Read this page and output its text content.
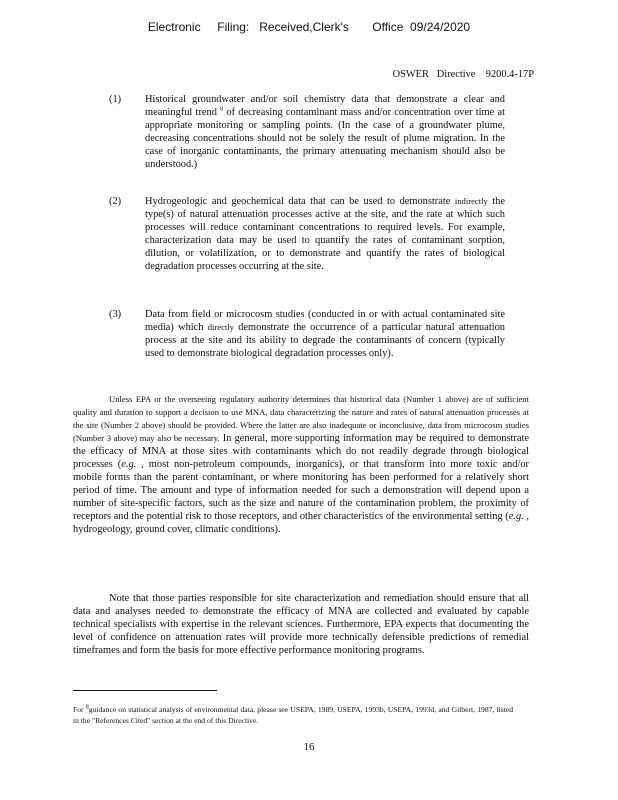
Electronic     Filing:   Received,Clerk's       Office  09/24/2020
OSWER   Directive    9200.4-17P
(1) Historical groundwater and/or soil chemistry data that demonstrate a clear and meaningful trend $^8$ of decreasing contaminant mass and/or concentration over time at appropriate monitoring or sampling points. (In the case of a groundwater plume, decreasing concentrations should not be solely the result of plume migration. In the case of inorganic contaminants, the primary attenuating mechanism should also be understood.)
(2) Hydrogeologic and geochemical data that can be used to demonstrate indirectly the type(s) of natural attenuation processes active at the site, and the rate at which such processes will reduce contaminant concentrations to required levels. For example, characterization data may be used to quantify the rates of contaminant sorption, dilution, or volatilization, or to demonstrate and quantify the rates of biological degradation processes occurring at the site.
(3) Data from field or microcosm studies (conducted in or with actual contaminated site media) which directly demonstrate the occurrence of a particular natural attenuation process at the site and its ability to degrade the contaminants of concern (typically used to demonstrate biological degradation processes only).
Unless EPA or the overseeing regulatory authority determines that historical data (Number 1 above) are of sufficient quality and duration to support a decision to use MNA, data characterizing the nature and rates of natural attenuation processes at the site (Number 2 above) should be provided. Where the latter are also inadequate or inconclusive, data from microcosm studies (Number 3 above) may also be necessary. In general, more supporting information may be required to demonstrate the efficacy of MNA at those sites with contaminants which do not readily degrade through biological processes (e.g. , most non-petroleum compounds, inorganics), or that transform into more toxic and/or mobile forms than the parent contaminant, or where monitoring has been performed for a relatively short period of time. The amount and type of information needed for such a demonstration will depend upon a number of site-specific factors, such as the size and nature of the contamination problem, the proximity of receptors and the potential risk to those receptors, and other characteristics of the environmental setting (e.g. , hydrogeology, ground cover, climatic conditions).
Note that those parties responsible for site characterization and remediation should ensure that all data and analyses needed to demonstrate the efficacy of MNA are collected and evaluated by capable technical specialists with expertise in the relevant sciences. Furthermore, EPA expects that documenting the level of confidence on attenuation rates will provide more technically defensible predictions of remedial timeframes and form the basis for more effective performance monitoring programs.
For $^8$guidance on statistical analysis of environmental data, please see USEPA, 1989, USEPA, 1993b, USEPA, 1993d, and Gilbert, 1987, listed in the "References Cited" section at the end of this Directive.
16
